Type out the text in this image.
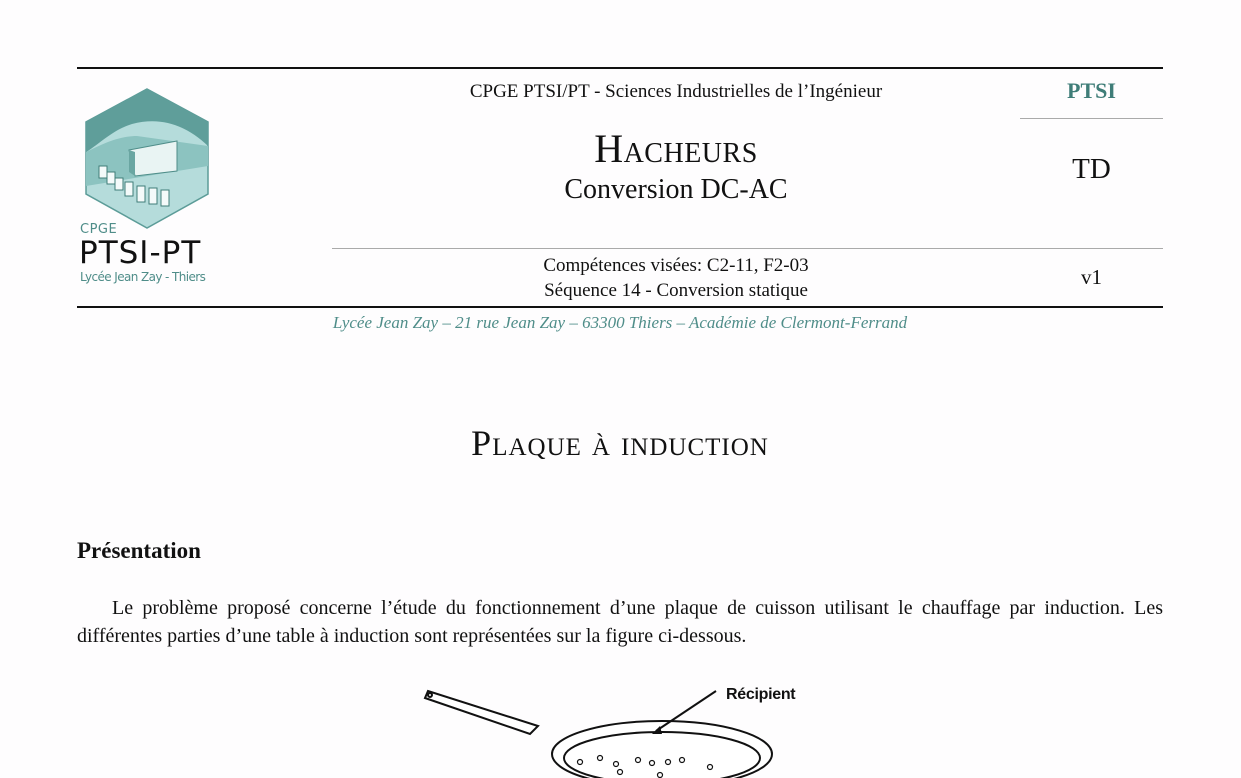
CPGE
PTSI-PT
Lycée Jean Zay - Thiers
CPGE PTSI/PT - Sciences Industrielles de l’Ingénieur
Hacheurs
Conversion DC-AC
PTSI
TD
Compétences visées: C2-11, F2-03
Séquence 14 - Conversion statique
v1
Lycée Jean Zay – 21 rue Jean Zay – 63300 Thiers – Académie de Clermont-Ferrand
Plaque à induction
Présentation
Le problème proposé concerne l’étude du fonctionnement d’une plaque de cuisson utilisant le chauffage par induction. Les différentes parties d’une table à induction sont représentées sur la figure ci-dessous.
Récipient
